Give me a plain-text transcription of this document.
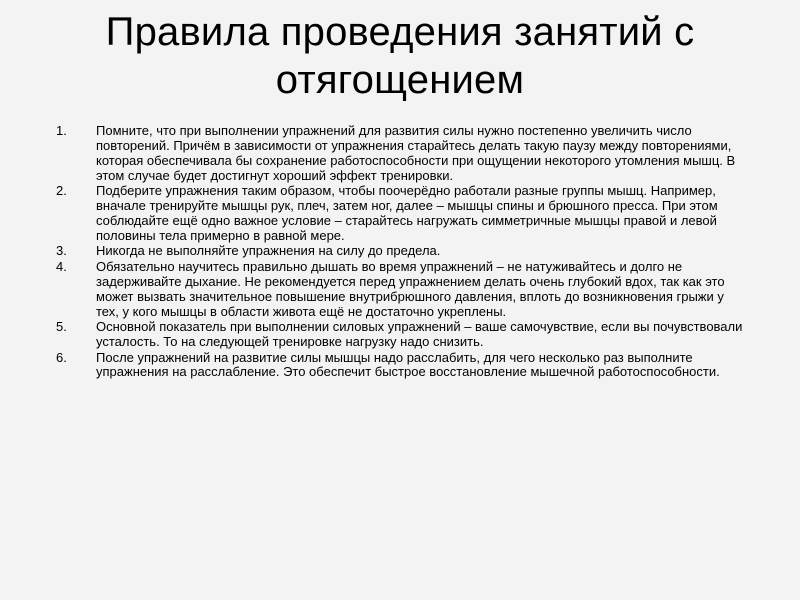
Правила проведения занятий с отягощением
1. Помните, что при выполнении упражнений для развития силы нужно постепенно увеличить число повторений. Причём в зависимости от упражнения старайтесь делать такую паузу между повторениями, которая обеспечивала бы сохранение работоспособности при ощущении некоторого утомления мышц. В этом случае будет достигнут хороший эффект тренировки.
2. Подберите упражнения таким образом, чтобы поочерёдно работали разные группы мышц. Например, вначале тренируйте мышцы рук, плеч, затем ног, далее – мышцы спины и брюшного пресса. При этом соблюдайте ещё одно важное условие – старайтесь нагружать симметричные мышцы правой и левой половины тела примерно в равной мере.
3. Никогда не выполняйте упражнения на силу до предела.
4. Обязательно научитесь правильно дышать во время упражнений – не натуживайтесь и долго не задерживайте дыхание. Не рекомендуется перед упражнением делать очень глубокий вдох, так как это может вызвать значительное повышение внутрибрюшного давления, вплоть до возникновения грыжи у тех, у кого мышцы в области живота ещё не достаточно укреплены.
5. Основной показатель при выполнении силовых упражнений – ваше самочувствие, если вы почувствовали усталость. То на следующей тренировке нагрузку надо снизить.
6. После упражнений на развитие силы мышцы надо расслабить, для чего несколько раз выполните упражнения на расслабление. Это обеспечит быстрое восстановление мышечной работоспособности.
